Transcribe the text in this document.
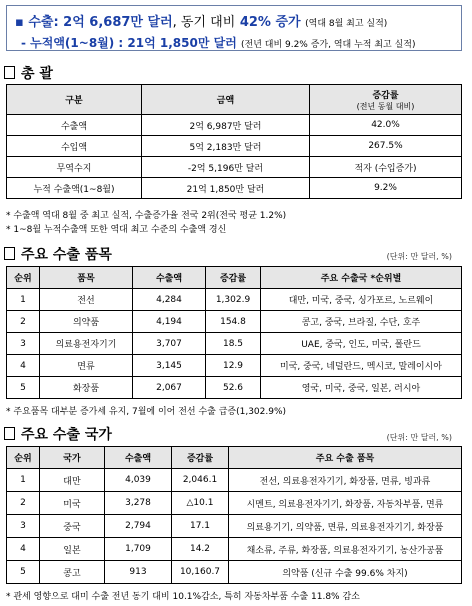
▪ 수출: 2억 6,687만 달러, 동기 대비 42% 증가 (역대 8월 최고 실적)
- 누적액(1~8월) : 21억 1,850만 달러 (전년 대비 9.2% 증가, 역대 누적 최고 실적)
총 괄
구분	금액	증감률
(전년 동월 대비)

수출액	2억 6,987만 달러	42.0%
수입액	5억 2,183만 달러	267.5%
무역수지	-2억 5,196만 달러	적자 (수입증가)
누적 수출액(1~8월)	21억 1,850만 달러	9.2%
* 수출액 역대 8월 중 최고 실적, 수출증가율 전국 2위(전국 평균 1.2%)
* 1~8월 누적수출액 또한 역대 최고 수준의 수출액 경신
주요 수출 품목	(단위: 만 달러, %)
순위	품목	수출액	증감률	주요 수출국 *순위별
1	전선	4,284	1,302.9	대만, 미국, 중국, 싱가포르, 노르웨이
2	의약품	4,194	154.8	콩고, 중국, 브라질, 수단, 호주
3	의료용전자기기	3,707	18.5	UAE, 중국, 인도, 미국, 폴란드
4	면류	3,145	12.9	미국, 중국, 네덜란드, 멕시코, 말레이시아
5	화장품	2,067	52.6	영국, 미국, 중국, 일본, 러시아
* 주요품목 대부분 증가세 유지, 7월에 이어 전선 수출 급증(1,302.9%)
주요 수출 국가	(단위: 만 달러, %)
순위	국가	수출액	증감률	주요 수출 품목
1	대만	4,039	2,046.1	전선, 의료용전자기기, 화장품, 면류, 빙과류
2	미국	3,278	△10.1	시멘트, 의료용전자기기, 화장품, 자동차부품, 면류
3	중국	2,794	17.1	의료용기기, 의약품, 면류, 의료용전자기기, 화장품
4	일본	1,709	14.2	채소류, 주류, 화장품, 의료용전자기기, 농산가공품
5	콩고	913	10,160.7	의약품 (신규 수출 99.6% 차지)
* 관세 영향으로 대미 수출 전년 동기 대비 10.1%감소, 특히 자동차부품 수출 11.8% 감소
